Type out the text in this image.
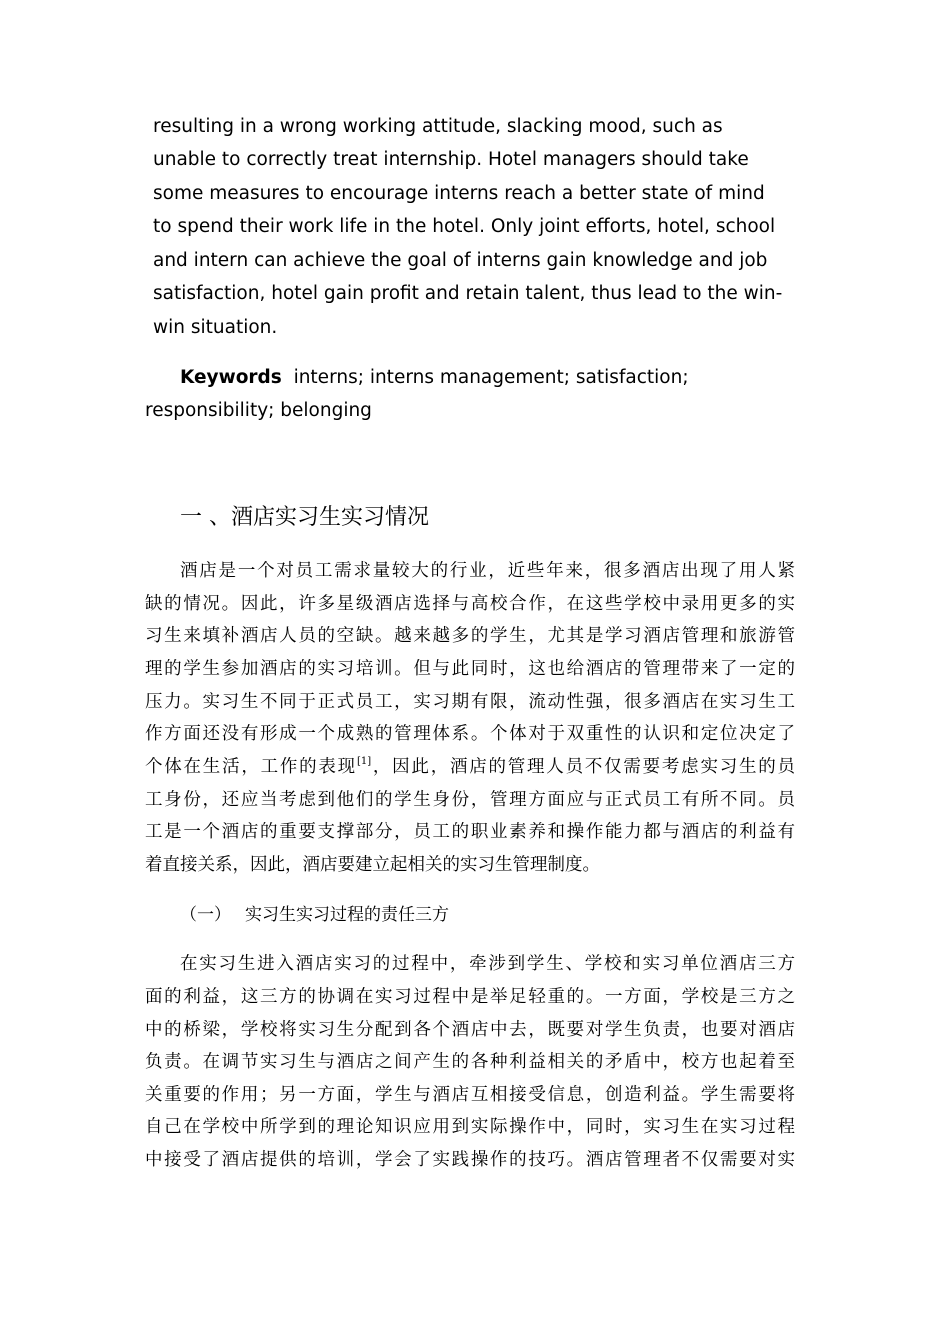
resulting in a wrong working attitude, slacking mood, such as
unable to correctly treat internship. Hotel managers should take
some measures to encourage interns reach a better state of mind
to spend their work life in the hotel. Only joint efforts, hotel, school
and intern can achieve the goal of interns gain knowledge and job
satisfaction, hotel gain profit and retain talent, thus lead to the win-
win situation.
Keywords interns; interns management; satisfaction;
responsibility; belonging
一 、酒店实习生实习情况
酒店是一个对员工需求量较大的行业，近些年来，很多酒店出现了用人紧
缺的情况。因此，许多星级酒店选择与高校合作，在这些学校中录用更多的实
习生来填补酒店人员的空缺。越来越多的学生，尤其是学习酒店管理和旅游管
理的学生参加酒店的实习培训。但与此同时，这也给酒店的管理带来了一定的
压力。实习生不同于正式员工，实习期有限，流动性强，很多酒店在实习生工
作方面还没有形成一个成熟的管理体系。个体对于双重性的认识和定位决定了
个体在生活，工作的表现[1]，因此，酒店的管理人员不仅需要考虑实习生的员
工身份，还应当考虑到他们的学生身份，管理方面应与正式员工有所不同。员
工是一个酒店的重要支撑部分，员工的职业素养和操作能力都与酒店的利益有
着直接关系，因此，酒店要建立起相关的实习生管理制度。
（一） 实习生实习过程的责任三方
在实习生进入酒店实习的过程中，牵涉到学生、学校和实习单位酒店三方
面的利益，这三方的协调在实习过程中是举足轻重的。一方面，学校是三方之
中的桥梁，学校将实习生分配到各个酒店中去，既要对学生负责，也要对酒店
负责。在调节实习生与酒店之间产生的各种利益相关的矛盾中，校方也起着至
关重要的作用；另一方面，学生与酒店互相接受信息，创造利益。学生需要将
自己在学校中所学到的理论知识应用到实际操作中，同时，实习生在实习过程
中接受了酒店提供的培训，学会了实践操作的技巧。酒店管理者不仅需要对实
